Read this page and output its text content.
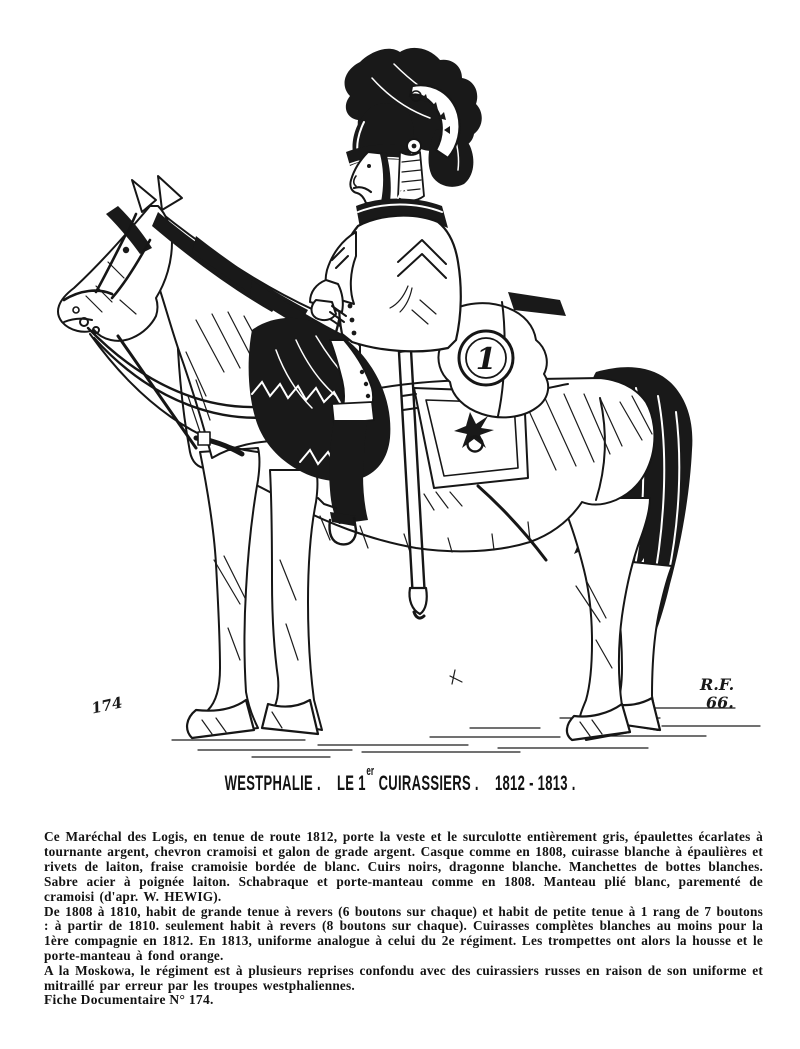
1
174
R.F.
66.
WESTPHALIE . LE 1er CUIRASSIERS . 1812 - 1813 .

Ce Maréchal des Logis, en tenue de route 1812, porte la veste et le surculotte entièrement gris, épaulettes écarlates à tournante argent, chevron cramoisi et galon de grade argent. Casque comme en 1808, cuirasse blanche à épaulières et rivets de laiton, fraise cramoisie bordée de blanc. Cuirs noirs, dragonne blanche. Manchettes de bottes blanches. Sabre acier à poignée laiton. Schabraque et porte-manteau comme en 1808. Manteau plié blanc, parementé de cramoisi (d'apr. W. HEWIG).

De 1808 à 1810, habit de grande tenue à revers (6 boutons sur chaque) et habit de petite tenue à 1 rang de 7 boutons : à partir de 1810. seulement habit à revers (8 boutons sur chaque). Cuirasses complètes blanches au moins pour la 1ère compagnie en 1812. En 1813, uniforme analogue à celui du 2e régiment. Les trompettes ont alors la housse et le porte-manteau à fond orange.

A la Moskowa, le régiment est à plusieurs reprises confondu avec des cuirassiers russes en raison de son uniforme et mitraillé par erreur par les troupes westphaliennes.

Fiche Documentaire N° 174.
